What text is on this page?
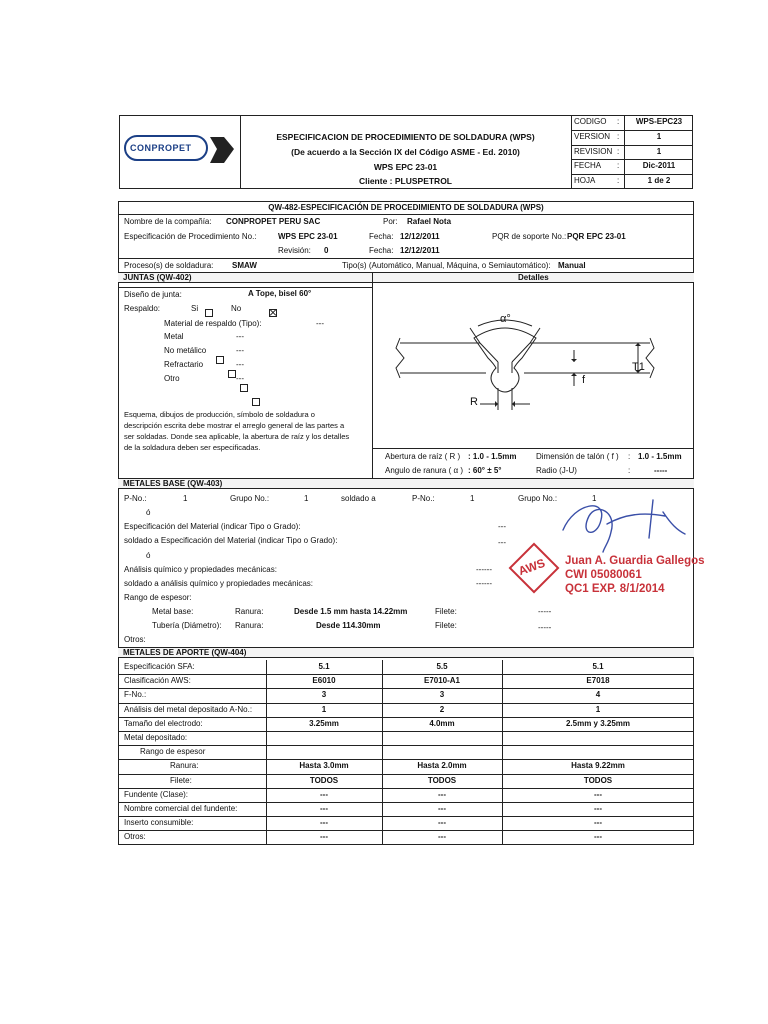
CONPROPET
ESPECIFICACION DE PROCEDIMIENTO DE SOLDADURA (WPS)
(De acuerdo a la Sección IX del Código ASME - Ed. 2010)
WPS EPC 23-01
Cliente : PLUSPETROL
CODIGO :	WPS-EPC23
VERSION :	1
REVISION :	1
FECHA :	Dic-2011
HOJA	:	1 de 2
QW-482-ESPECIFICACIÓN DE PROCEDIMIENTO DE SOLDADURA (WPS)
Nombre de la compañía: CONPROPET PERU SAC	Por: Rafael Nota
Especificación de Procedimiento No.:	WPS EPC 23-01	Fecha: 12/12/2011	PQR de soporte No.: PQR EPC 23-01
Revisión: 0	Fecha: 12/12/2011
Proceso(s) de soldadura: SMAW	Tipo(s) (Automático, Manual, Máquina, o Semiautomático): Manual
JUNTAS (QW-402)	Detalles
Diseño de junta:	A Tope, bisel 60°
Respaldo:	Si
	No
Material de respaldo (Tipo):	---
Metal	---
No metálico	---
Refractario	---
Otro	---
Esquema, dibujos de producción, símbolo de soldadura o
descripción escrita debe mostrar el arreglo general de las partes a
ser soldadas. Donde sea aplicable, la abertura de raíz y los detalles
de la soldadura deben ser especificadas.
α°
T1
f
R
Abertura de raíz ( R ) : 1.0 - 1.5mm Dimensión de talón ( f ) : 1.0 - 1.5mm
Angulo de ranura ( α ) : 60° ± 5°	Radio (J-U)	:	-----
METALES BASE (QW-403)
P-No.:	1	Grupo No.:	1	soldado a	P-No.:	1	Grupo No.:	1
ó
Especificación del Material (indicar Tipo o Grado):	---
soldado a Especificación del Material (indicar Tipo o Grado):	---
ó
Análisis químico y propiedades mecánicas:	------
soldado a análisis químico y propiedades mecánicas:	------
Rango de espesor:
Metal base:	Ranura:	Desde 1.5 mm hasta 14.22mm	Filete:	-----
Tubería (Diámetro): Ranura:	Desde 114.30mm	Filete:	-----
Otros:
METALES DE APORTE (QW-404)
Especificación SFA:	5.1	5.5	5.1
Clasificación AWS:	E6010	E7010-A1	E7018
F-No.:	3	3	4
Análisis del metal depositado A-No.:	1	2	1
Tamaño del electrodo:	3.25mm	4.0mm	2.5mm y 3.25mm
Metal depositado:
Rango de espesor
Ranura:	Hasta 3.0mm	Hasta 2.0mm	Hasta 9.22mm
Filete:	TODOS	TODOS	TODOS
Fundente (Clase):	---	---	---
Nombre comercial del fundente:	---	---	---
Inserto consumible:	---	---	---
Otros:	---	---	---
AWS Juan A. Guardia Gallegos
CWI 05080061
QC1 EXP. 8/1/2014
